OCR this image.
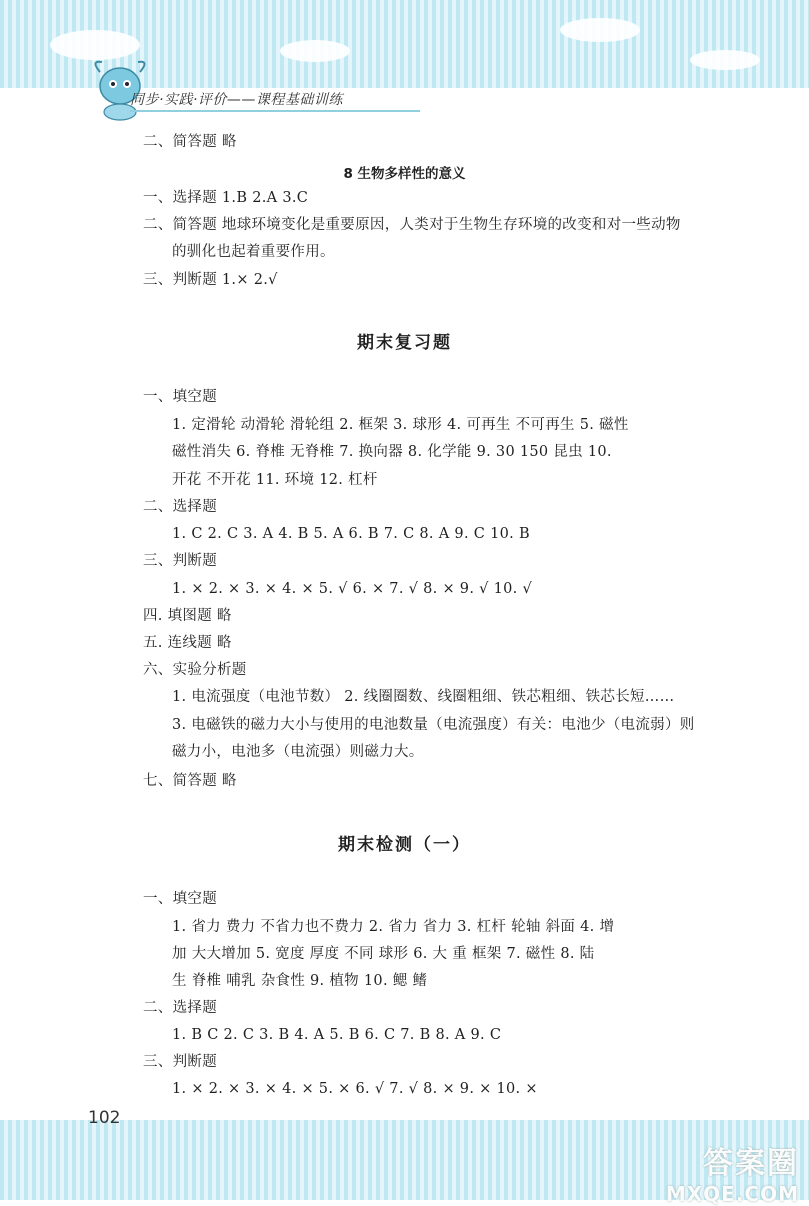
同步·实践·评价——课程基础训练
二、简答题 略
8 生物多样性的意义
一、选择题 1.B 2.A 3.C
二、简答题 地球环境变化是重要原因，人类对于生物生存环境的改变和对一些动物
的驯化也起着重要作用。
三、判断题 1.× 2.√
期末复习题
一、填空题
1. 定滑轮 动滑轮 滑轮组 2. 框架 3. 球形 4. 可再生 不可再生 5. 磁性
磁性消失 6. 脊椎 无脊椎 7. 换向器 8. 化学能 9. 30 150 昆虫 10.
开花 不开花 11. 环境 12. 杠杆
二、选择题
1. C 2. C 3. A 4. B 5. A 6. B 7. C 8. A 9. C 10. B
三、判断题
1. × 2. × 3. × 4. × 5. √ 6. × 7. √ 8. × 9. √ 10. √
四. 填图题 略
五. 连线题 略
六、实验分析题
1. 电流强度（电池节数） 2. 线圈圈数、线圈粗细、铁芯粗细、铁芯长短……
3. 电磁铁的磁力大小与使用的电池数量（电流强度）有关：电池少（电流弱）则
磁力小，电池多（电流强）则磁力大。
七、简答题 略
期末检测（一）
一、填空题
1. 省力 费力 不省力也不费力 2. 省力 省力 3. 杠杆 轮轴 斜面 4. 增
加 大大增加 5. 宽度 厚度 不同 球形 6. 大 重 框架 7. 磁性 8. 陆
生 脊椎 哺乳 杂食性 9. 植物 10. 鳃 鳍
二、选择题
1. B C 2. C 3. B 4. A 5. B 6. C 7. B 8. A 9. C
三、判断题
1. × 2. × 3. × 4. × 5. × 6. √ 7. √ 8. × 9. × 10. ×
102
答案圈
MXQE.COM
